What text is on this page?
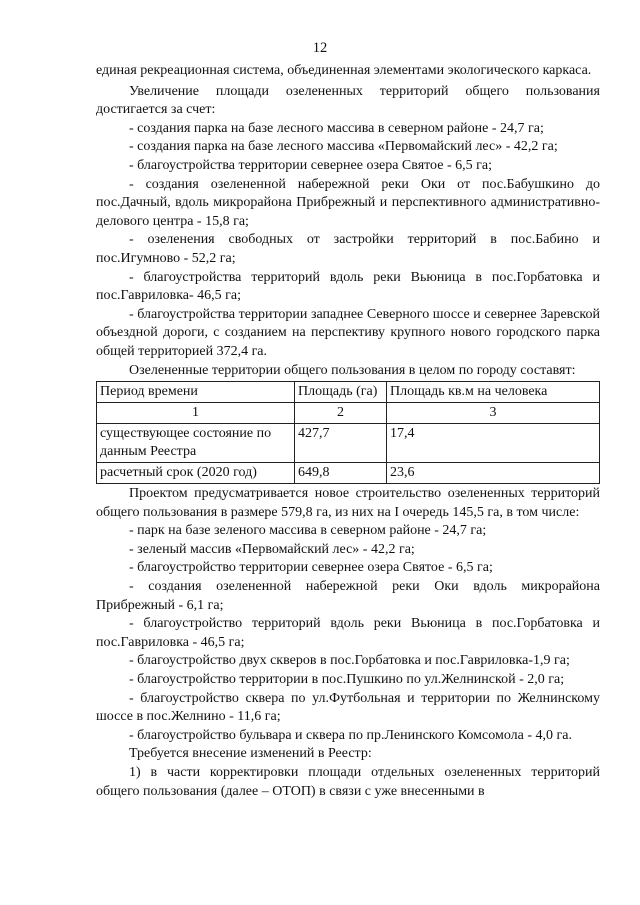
12

единая рекреационная система, объединенная элементами экологического каркаса.

Увеличение площади озелененных территорий общего пользования достигается за счет:

- создания парка на базе лесного массива в северном районе - 24,7 га;

- создания парка на базе лесного массива «Первомайский лес» - 42,2 га;

- благоустройства территории севернее озера Святое - 6,5 га;

- создания озелененной набережной реки Оки от пос.Бабушкино до пос.Дачный, вдоль микрорайона Прибрежный и перспективного административно-делового центра - 15,8 га;

- озеленения свободных от застройки территорий в пос.Бабино и пос.Игумново - 52,2 га;

- благоустройства территорий вдоль реки Вьюница в пос.Горбатовка и пос.Гавриловка- 46,5 га;

- благоустройства территории западнее Северного шоссе и севернее Заревской объездной дороги, с созданием на перспективу крупного нового городского парка общей территорией 372,4 га.

Озелененные территории общего пользования в целом по городу составят:

Период времени	Площадь (га)	Площадь кв.м на человека
1	2	3
существующее состояние по данным Реестра	427,7	17,4
расчетный срок (2020 год)	649,8	23,6

Проектом предусматривается новое строительство озелененных территорий общего пользования в размере 579,8 га, из них на I очередь 145,5 га, в том числе:

- парк на базе зеленого массива в северном районе - 24,7 га;

- зеленый массив «Первомайский лес» - 42,2 га;

- благоустройство территории севернее озера Святое - 6,5 га;

- создания озелененной набережной реки Оки вдоль микрорайона Прибрежный - 6,1 га;

- благоустройство территорий вдоль реки Вьюница в пос.Горбатовка и пос.Гавриловка - 46,5 га;

- благоустройство двух скверов в пос.Горбатовка и пос.Гавриловка-1,9 га;

- благоустройство территории в пос.Пушкино по ул.Желнинской - 2,0 га;

- благоустройство сквера по ул.Футбольная и территории по Желнинскому шоссе в пос.Желнино - 11,6 га;

- благоустройство бульвара и сквера по пр.Ленинского Комсомола - 4,0 га.

Требуется внесение изменений в Реестр:

1) в части корректировки площади отдельных озелененных территорий общего пользования (далее – ОТОП) в связи с уже внесенными в
